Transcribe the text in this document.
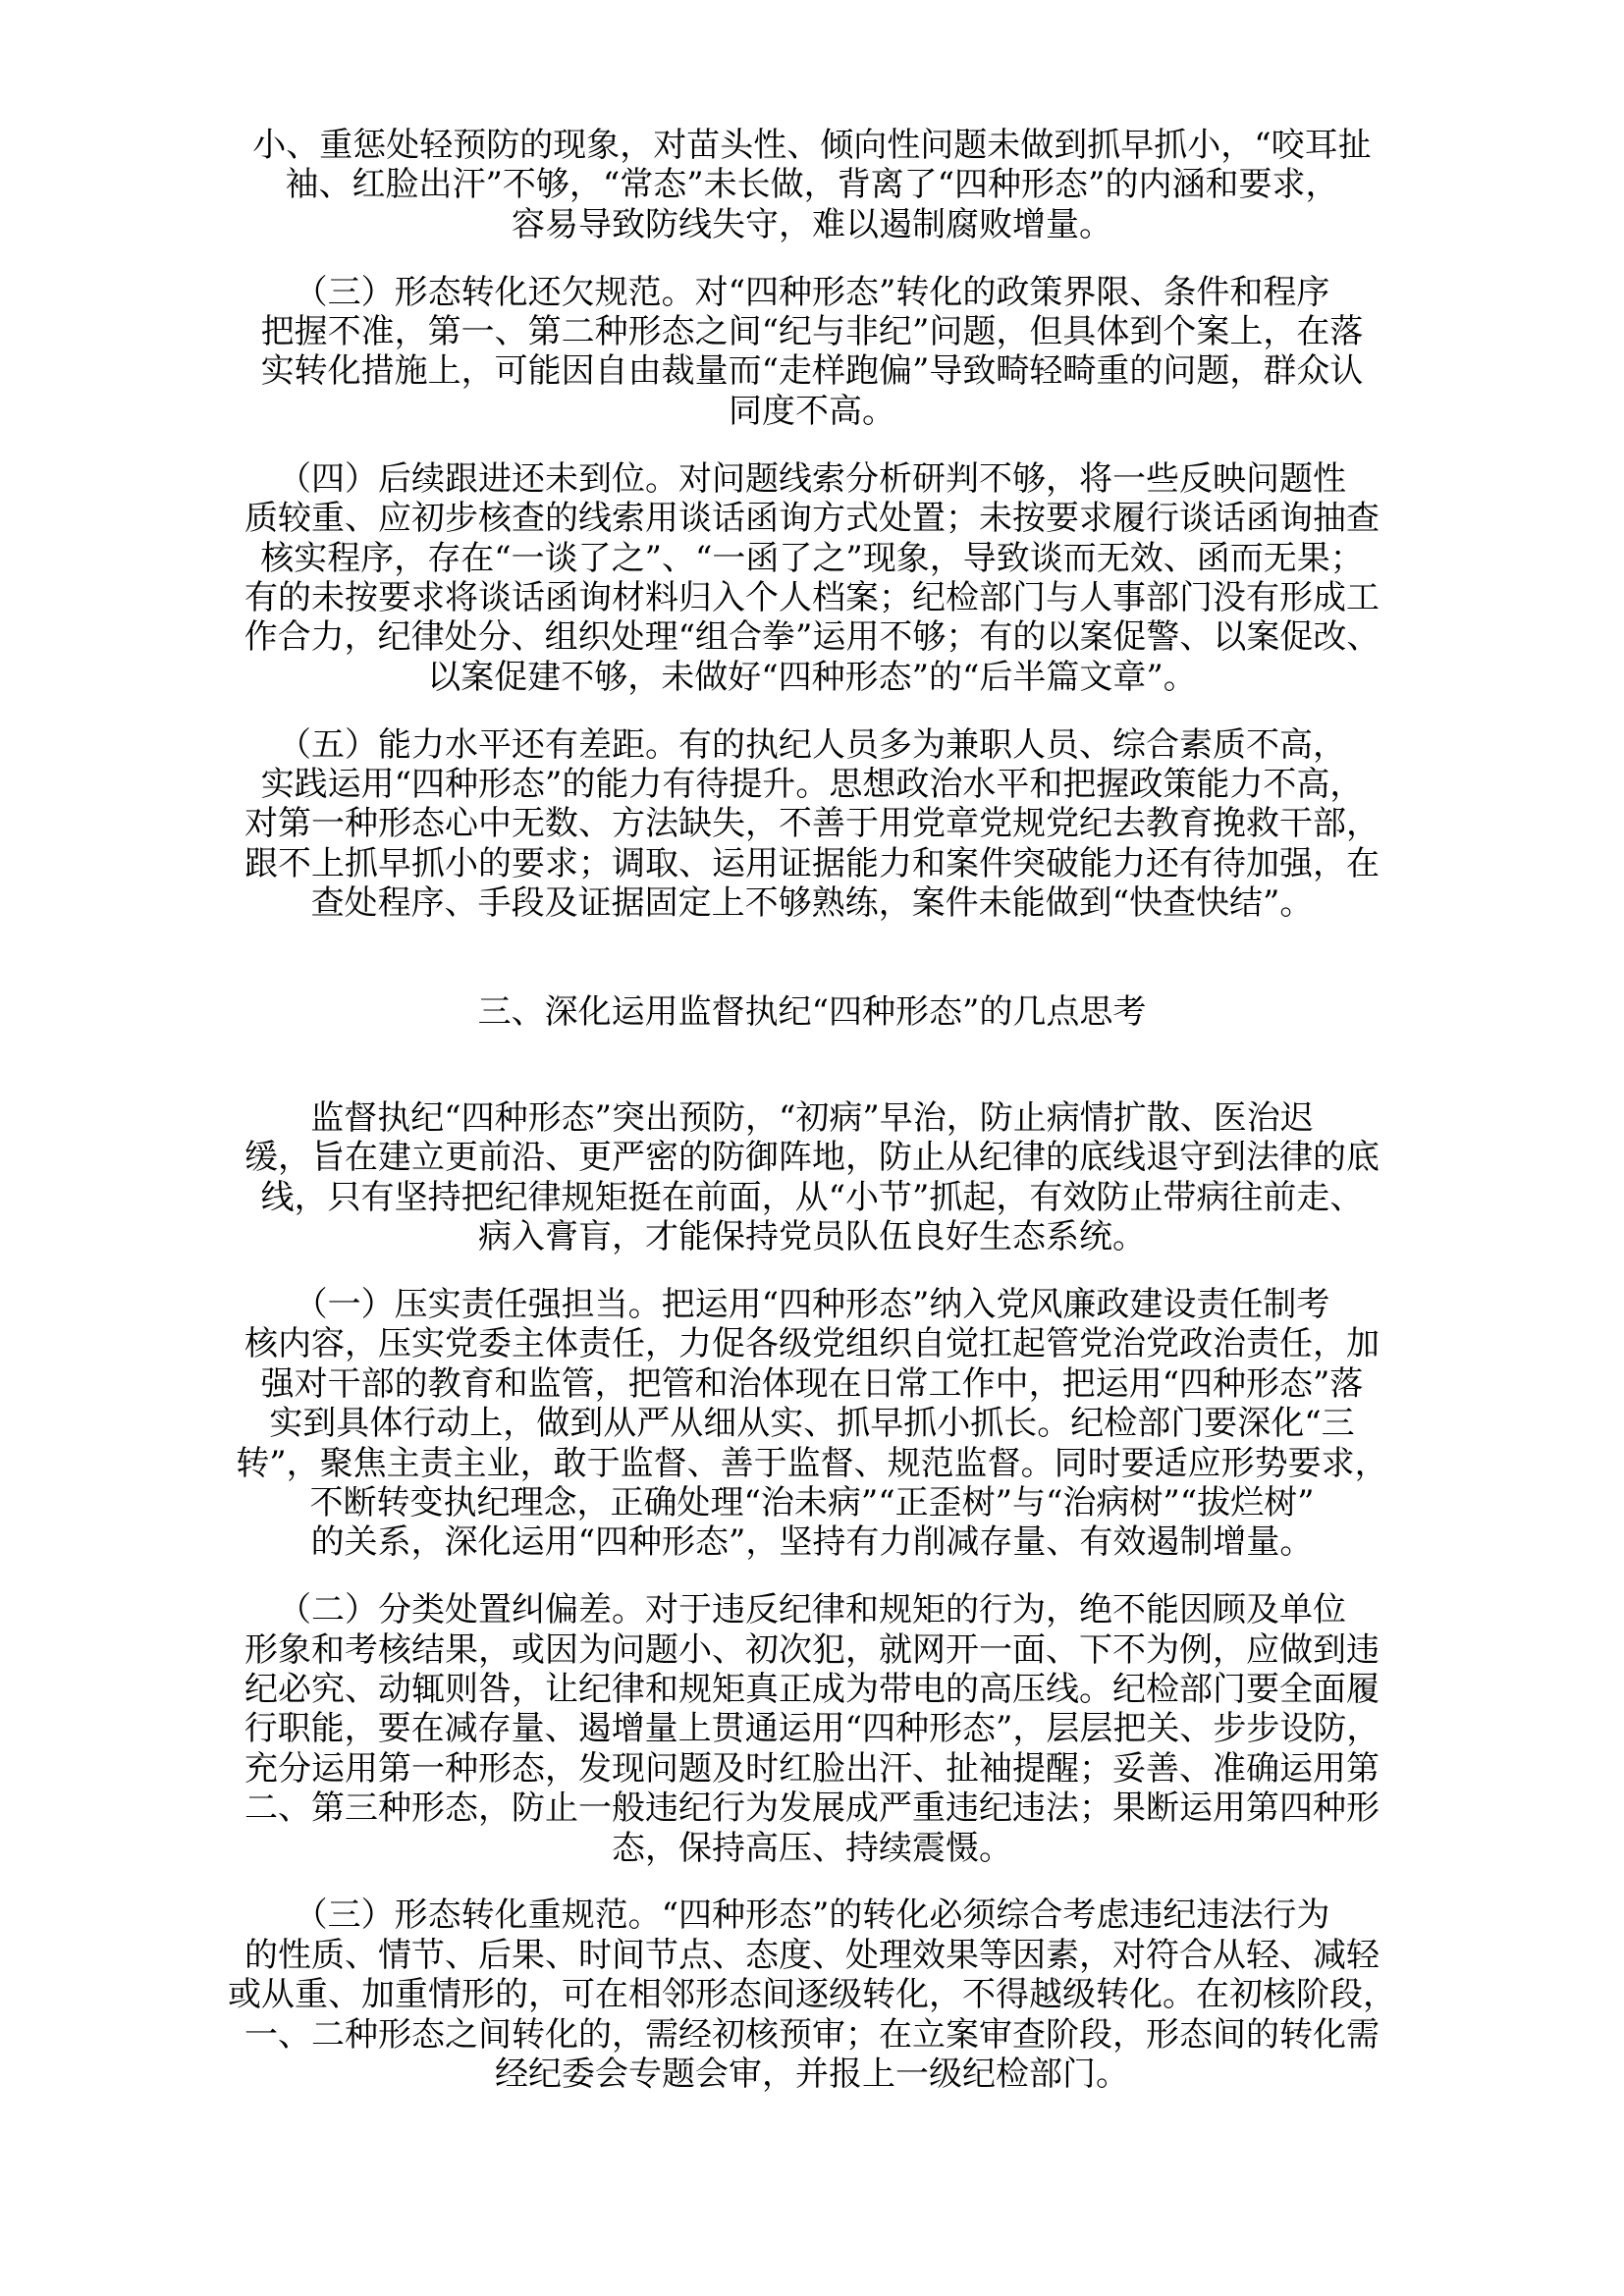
小、重惩处轻预防的现象，对苗头性、倾向性问题未做到抓早抓小，“咬耳扯
袖、红脸出汗”不够，“常态”未长做，背离了“四种形态”的内涵和要求，
容易导致防线失守，难以遏制腐败增量。
（三）形态转化还欠规范。对“四种形态”转化的政策界限、条件和程序
把握不准，第一、第二种形态之间“纪与非纪”问题，但具体到个案上，在落
实转化措施上，可能因自由裁量而“走样跑偏”导致畸轻畸重的问题，群众认
同度不高。
（四）后续跟进还未到位。对问题线索分析研判不够，将一些反映问题性
质较重、应初步核查的线索用谈话函询方式处置；未按要求履行谈话函询抽查
核实程序，存在“一谈了之”、“一函了之”现象，导致谈而无效、函而无果；
有的未按要求将谈话函询材料归入个人档案；纪检部门与人事部门没有形成工
作合力，纪律处分、组织处理“组合拳”运用不够；有的以案促警、以案促改、
以案促建不够，未做好“四种形态”的“后半篇文章”。
（五）能力水平还有差距。有的执纪人员多为兼职人员、综合素质不高，
实践运用“四种形态”的能力有待提升。思想政治水平和把握政策能力不高，
对第一种形态心中无数、方法缺失，不善于用党章党规党纪去教育挽救干部，
跟不上抓早抓小的要求；调取、运用证据能力和案件突破能力还有待加强，在
查处程序、手段及证据固定上不够熟练，案件未能做到“快查快结”。
三、深化运用监督执纪“四种形态”的几点思考
监督执纪“四种形态”突出预防，“初病”早治，防止病情扩散、医治迟
缓，旨在建立更前沿、更严密的防御阵地，防止从纪律的底线退守到法律的底
线，只有坚持把纪律规矩挺在前面，从“小节”抓起，有效防止带病往前走、
病入膏肓，才能保持党员队伍良好生态系统。
（一）压实责任强担当。把运用“四种形态”纳入党风廉政建设责任制考
核内容，压实党委主体责任，力促各级党组织自觉扛起管党治党政治责任，加
强对干部的教育和监管，把管和治体现在日常工作中，把运用“四种形态”落
实到具体行动上，做到从严从细从实、抓早抓小抓长。纪检部门要深化“三
转”，聚焦主责主业，敢于监督、善于监督、规范监督。同时要适应形势要求，
不断转变执纪理念，正确处理“治未病”“正歪树”与“治病树”“拔烂树”
的关系，深化运用“四种形态”，坚持有力削减存量、有效遏制增量。
（二）分类处置纠偏差。对于违反纪律和规矩的行为，绝不能因顾及单位
形象和考核结果，或因为问题小、初次犯，就网开一面、下不为例，应做到违
纪必究、动辄则咎，让纪律和规矩真正成为带电的高压线。纪检部门要全面履
行职能，要在减存量、遏增量上贯通运用“四种形态”，层层把关、步步设防，
充分运用第一种形态，发现问题及时红脸出汗、扯袖提醒；妥善、准确运用第
二、第三种形态，防止一般违纪行为发展成严重违纪违法；果断运用第四种形
态，保持高压、持续震慑。
（三）形态转化重规范。“四种形态”的转化必须综合考虑违纪违法行为
的性质、情节、后果、时间节点、态度、处理效果等因素，对符合从轻、减轻
或从重、加重情形的，可在相邻形态间逐级转化，不得越级转化。在初核阶段，
一、二种形态之间转化的，需经初核预审；在立案审查阶段，形态间的转化需
经纪委会专题会审，并报上一级纪检部门。
